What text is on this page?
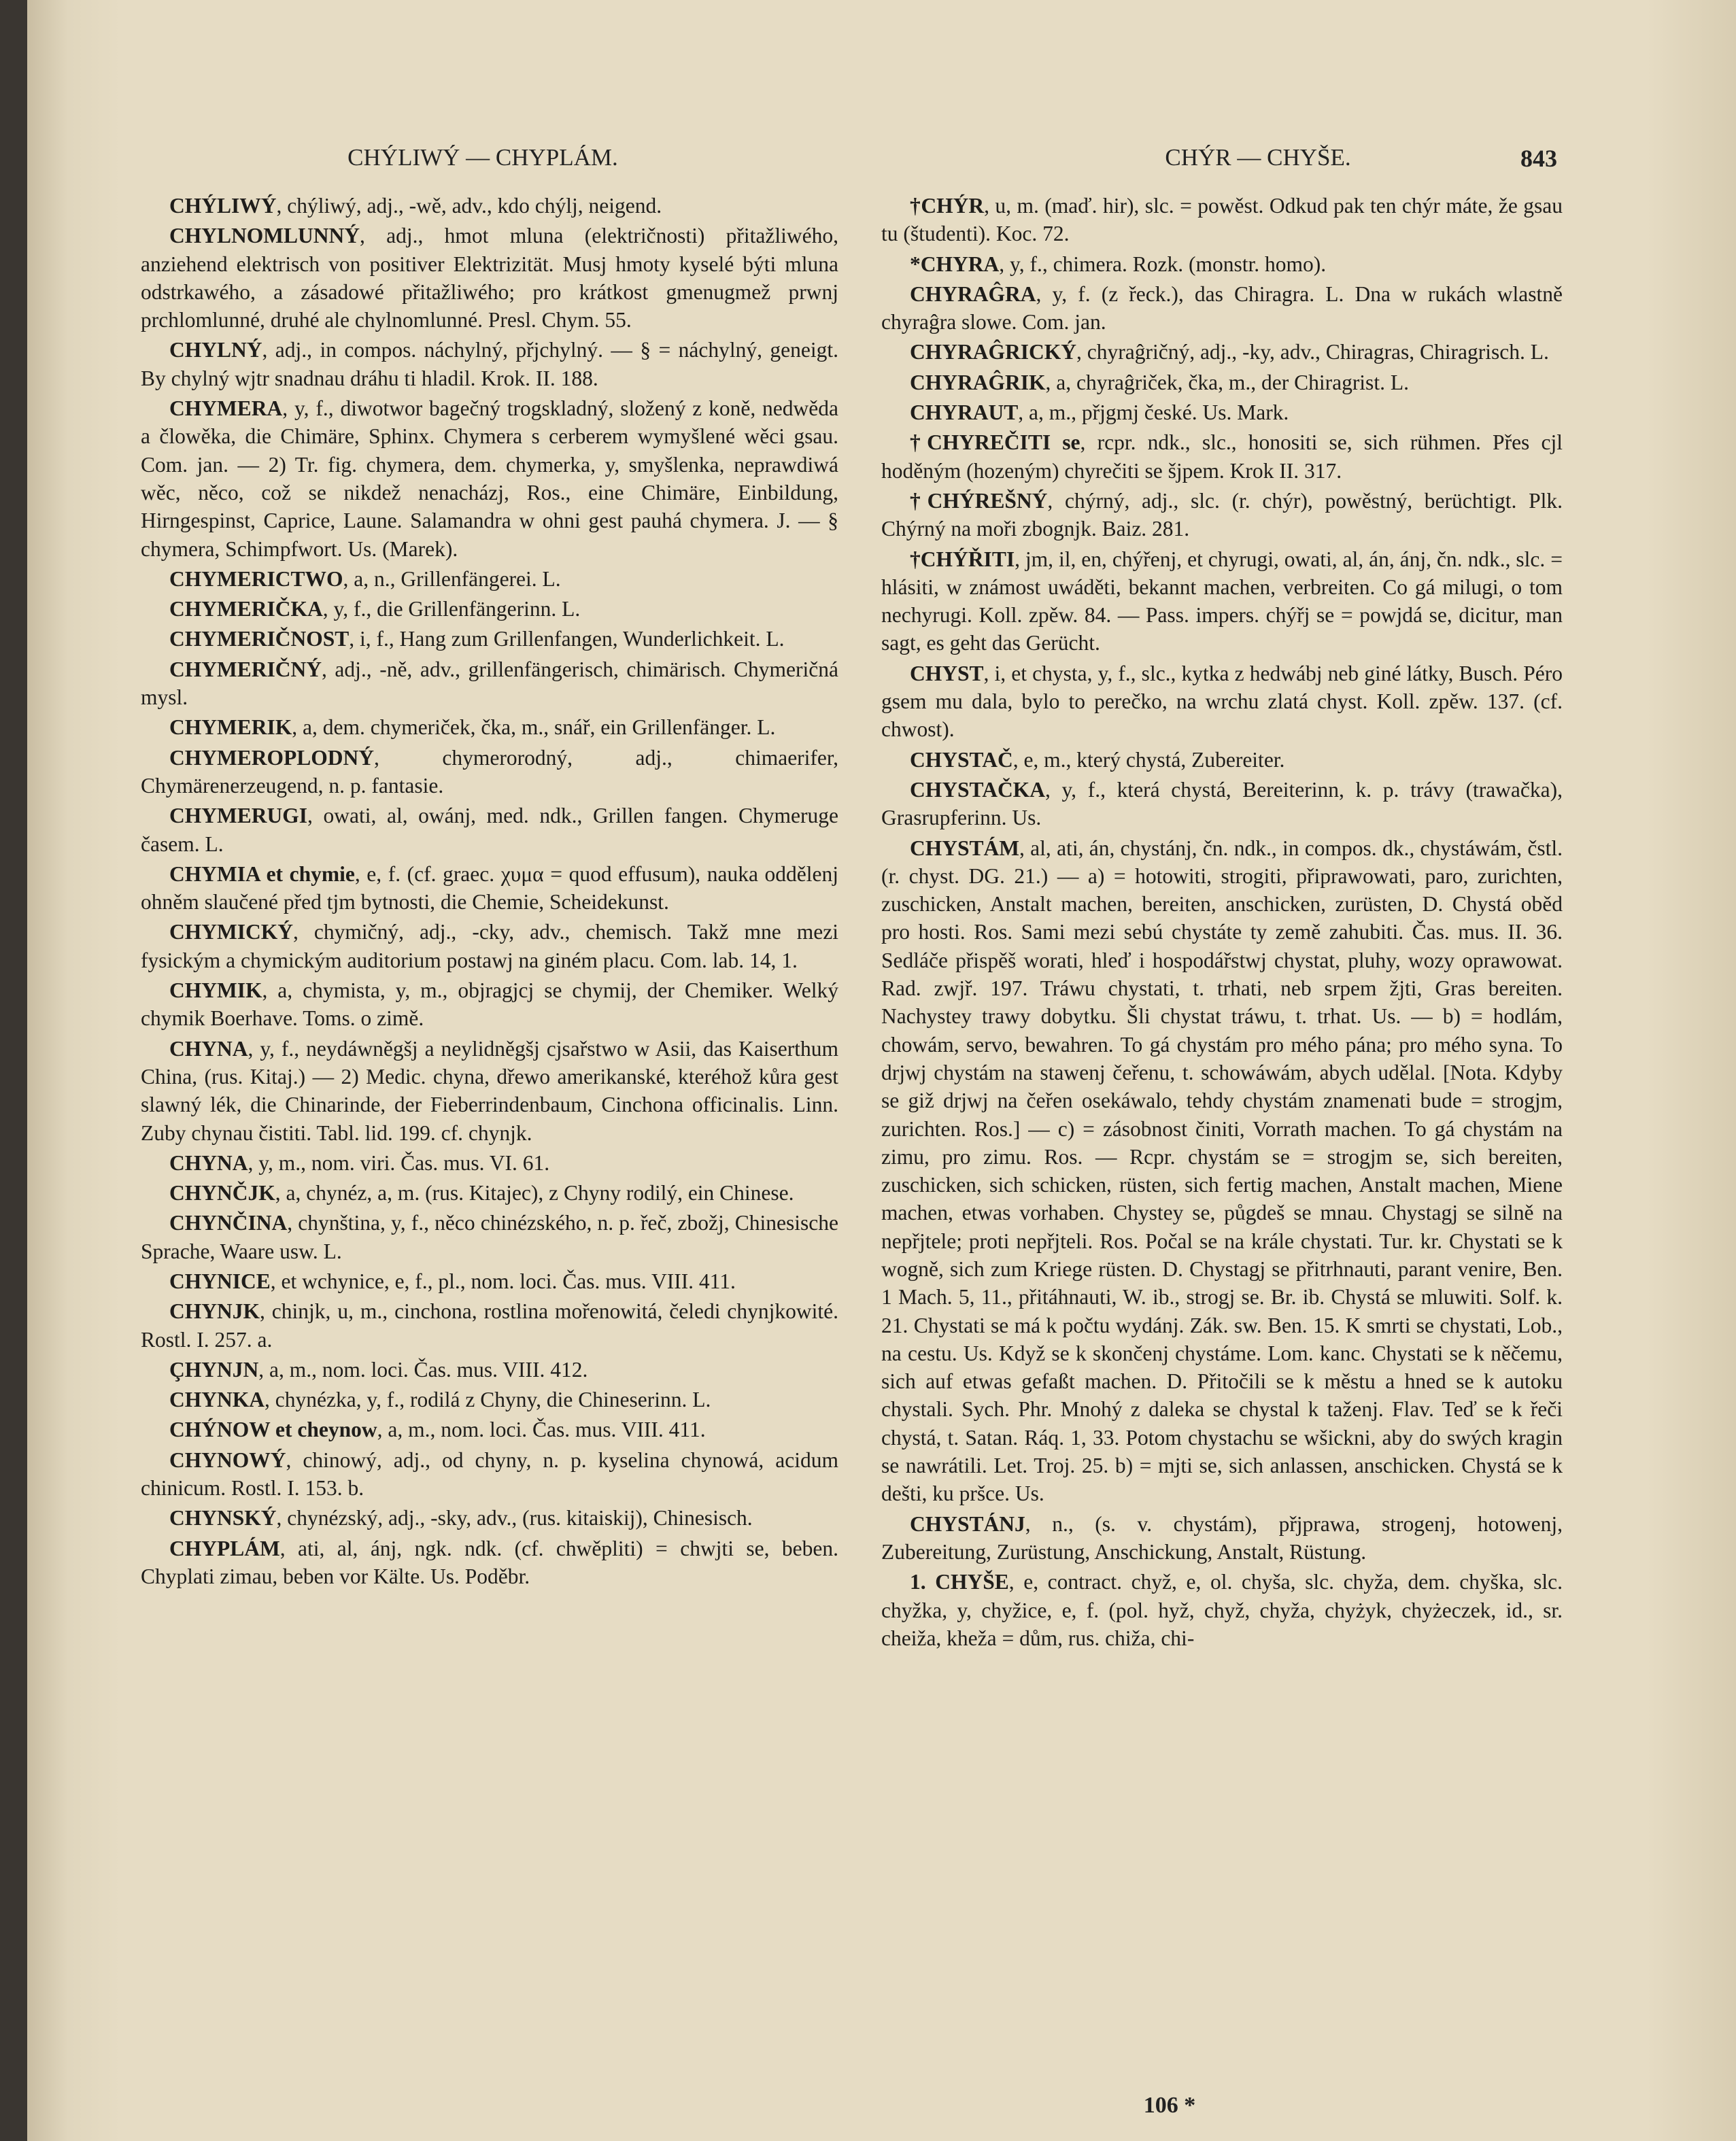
CHÝLIWÝ — CHYPLÁM.	CHÝR — CHYŠE.	843

CHÝLIWÝ, chýliwý, adj., -wě, adv., kdo chýlj, neigend.

CHYLNOMLUNNÝ, adj., hmot mluna (električnosti) přitažliwého, anziehend elektrisch von positiver Elektrizität. Musj hmoty kyselé býti mluna odstrkawého, a zásadowé přitažliwého; pro krátkost gmenugmež prwnj prchlomlunné, druhé ale chylnomlunné. Presl. Chym. 55.

CHYLNÝ, adj., in compos. náchylný, přjchylný. — § = náchylný, geneigt. By chylný wjtr snadnau dráhu ti hladil. Krok. II. 188.

CHYMERA, y, f., diwotwor bagečný trogskladný, složený z koně, nedwěda a člowěka, die Chimäre, Sphinx. Chymera s cerberem wymyšlené wěci gsau. Com. jan. — 2) Tr. fig. chymera, dem. chymerka, y, smyšlenka, neprawdiwá wěc, něco, což se nikdež nenacházj, Ros., eine Chimäre, Einbildung, Hirngespinst, Caprice, Laune. Salamandra w ohni gest pauhá chymera. J. — § chymera, Schimpfwort. Us. (Marek).

CHYMERICTWO, a, n., Grillenfängerei. L.

CHYMERIČKA, y, f., die Grillenfängerinn. L.

CHYMERIČNOST, i, f., Hang zum Grillenfangen, Wunderlichkeit. L.

CHYMERIČNÝ, adj., -ně, adv., grillenfängerisch, chimärisch. Chymeričná mysl.

CHYMERIK, a, dem. chymeriček, čka, m., snář, ein Grillenfänger. L.

CHYMEROPLODNÝ, chymerorodný, adj., chimaerifer, Chymärenerzeugend, n. p. fantasie.

CHYMERUGI, owati, al, owánj, med. ndk., Grillen fangen. Chymeruge časem. L.

CHYMIA et chymie, e, f. (cf. graec. χυμα = quod effusum), nauka oddělenj ohněm slaučené před tjm bytnosti, die Chemie, Scheidekunst.

CHYMICKÝ, chymičný, adj., -cky, adv., chemisch. Takž mne mezi fysickým a chymickým auditorium postawj na giném placu. Com. lab. 14, 1.

CHYMIK, a, chymista, y, m., objragjcj se chymij, der Chemiker. Welký chymik Boerhave. Toms. o zimě.

CHYNA, y, f., neydáwněgšj a neylidněgšj cjsařstwo w Asii, das Kaiserthum China, (rus. Kitaj.) — 2) Medic. chyna, dřewo amerikanské, kteréhož kůra gest slawný lék, die Chinarinde, der Fieberrindenbaum, Cinchona officinalis. Linn. Zuby chynau čistiti. Tabl. lid. 199. cf. chynjk.

CHYNA, y, m., nom. viri. Čas. mus. VI. 61.

CHYNČJK, a, chynéz, a, m. (rus. Kitajec), z Chyny rodilý, ein Chinese.

CHYNČINA, chynština, y, f., něco chinézského, n. p. řeč, zbožj, Chinesische Sprache, Waare usw. L.

CHYNICE, et wchynice, e, f., pl., nom. loci. Čas. mus. VIII. 411.

CHYNJK, chinjk, u, m., cinchona, rostlina mořenowitá, čeledi chynjkowité. Rostl. I. 257. a.

ÇHYNJN, a, m., nom. loci. Čas. mus. VIII. 412.

CHYNKA, chynézka, y, f., rodilá z Chyny, die Chineserinn. L.

CHÝNOW et cheynow, a, m., nom. loci. Čas. mus. VIII. 411.

CHYNOWÝ, chinowý, adj., od chyny, n. p. kyselina chynowá, acidum chinicum. Rostl. I. 153. b.

CHYNSKÝ, chynézský, adj., -sky, adv., (rus. kitaiskij), Chinesisch.

CHYPLÁM, ati, al, ánj, ngk. ndk. (cf. chwěpliti) = chwjti se, beben. Chyplati zimau, beben vor Kälte. Us. Poděbr.

†CHÝR, u, m. (maď. hir), slc. = powěst. Odkud pak ten chýr máte, že gsau tu (študenti). Koc. 72.

*CHYRA, y, f., chimera. Rozk. (monstr. homo).

CHYRAĜRA, y, f. (z řeck.), das Chiragra. L. Dna w rukách wlastně chyraĝra slowe. Com. jan.

CHYRAĜRICKÝ, chyraĝričný, adj., -ky, adv., Chiragras, Chiragrisch. L.

CHYRAĜRIK, a, chyraĝriček, čka, m., der Chiragrist. L.

CHYRAUT, a, m., přjgmj české. Us. Mark.

†CHYREČITI se, rcpr. ndk., slc., honositi se, sich rühmen. Přes cjl hoděným (hozeným) chyrečiti se šjpem. Krok II. 317.

†CHÝREŠNÝ, chýrný, adj., slc. (r. chýr), powěstný, berüchtigt. Plk. Chýrný na moři zbognjk. Baiz. 281.

†CHÝŘITI, jm, il, en, chýřenj, et chyrugi, owati, al, án, ánj, čn. ndk., slc. = hlásiti, w známost uwáděti, bekannt machen, verbreiten. Co gá milugi, o tom nechyrugi. Koll. zpěw. 84. — Pass. impers. chýřj se = powjdá se, dicitur, man sagt, es geht das Gerücht.

CHYST, i, et chysta, y, f., slc., kytka z hedwábj neb giné látky, Busch. Péro gsem mu dala, bylo to perečko, na wrchu zlatá chyst. Koll. zpěw. 137. (cf. chwost).

CHYSTAČ, e, m., který chystá, Zubereiter.

CHYSTAČKA, y, f., která chystá, Bereiterinn, k. p. trávy (trawačka), Grasrupferinn. Us.

CHYSTÁM, al, ati, án, chystánj, čn. ndk., in compos. dk., chystáwám, čstl. (r. chyst. DG. 21.) — a) = hotowiti, strogiti, připrawowati, paro, zurichten, zuschicken, Anstalt machen, bereiten, anschicken, zurüsten, D. Chystá oběd pro hosti. Ros. Sami mezi sebú chystáte ty země zahubiti. Čas. mus. II. 36. Sedláče přispěš worati, hleď i hospodářstwj chystat, pluhy, wozy oprawowat. Rad. zwjř. 197. Tráwu chystati, t. trhati, neb srpem žjti, Gras bereiten. Nachystey trawy dobytku. Šli chystat tráwu, t. trhat. Us. — b) = hodlám, chowám, servo, bewahren. To gá chystám pro mého pána; pro mého syna. To drjwj chystám na stawenj čeřenu, t. schowáwám, abych udělal. [Nota. Kdyby se giž drjwj na čeřen osekáwalo, tehdy chystám znamenati bude = strogjm, zurichten. Ros.] — c) = zásobnost činiti, Vorrath machen. To gá chystám na zimu, pro zimu. Ros. — Rcpr. chystám se = strogjm se, sich bereiten, zuschicken, sich schicken, rüsten, sich fertig machen, Anstalt machen, Miene machen, etwas vorhaben. Chystey se, půgdeš se mnau. Chystagj se silně na nepřjtele; proti nepřjteli. Ros. Počal se na krále chystati. Tur. kr. Chystati se k wogně, sich zum Kriege rüsten. D. Chystagj se přitrhnauti, parant venire, Ben. 1 Mach. 5, 11., přitáhnauti, W. ib., strogj se. Br. ib. Chystá se mluwiti. Solf. k. 21. Chystati se má k počtu wydánj. Zák. sw. Ben. 15. K smrti se chystati, Lob., na cestu. Us. Když se k skončenj chystáme. Lom. kanc. Chystati se k něčemu, sich auf etwas gefaßt machen. D. Přitočili se k městu a hned se k autoku chystali. Sych. Phr. Mnohý z daleka se chystal k taženj. Flav. Teď se k řeči chystá, t. Satan. Ráq. 1, 33. Potom chystachu se wšickni, aby do swých kragin se nawrátili. Let. Troj. 25. b) = mjti se, sich anlassen, anschicken. Chystá se k dešti, ku pršce. Us.

CHYSTÁNJ, n., (s. v. chystám), přjprawa, strogenj, hotowenj, Zubereitung, Zurüstung, Anschickung, Anstalt, Rüstung.

1. CHYŠE, e, contract. chyž, e, ol. chyša, slc. chyža, dem. chyška, slc. chyžka, y, chyžice, e, f. (pol. hyž, chyž, chyža, chyżyk, chyżeczek, id., sr. cheiža, kheža = dům, rus. chiža, chi-

106 *
